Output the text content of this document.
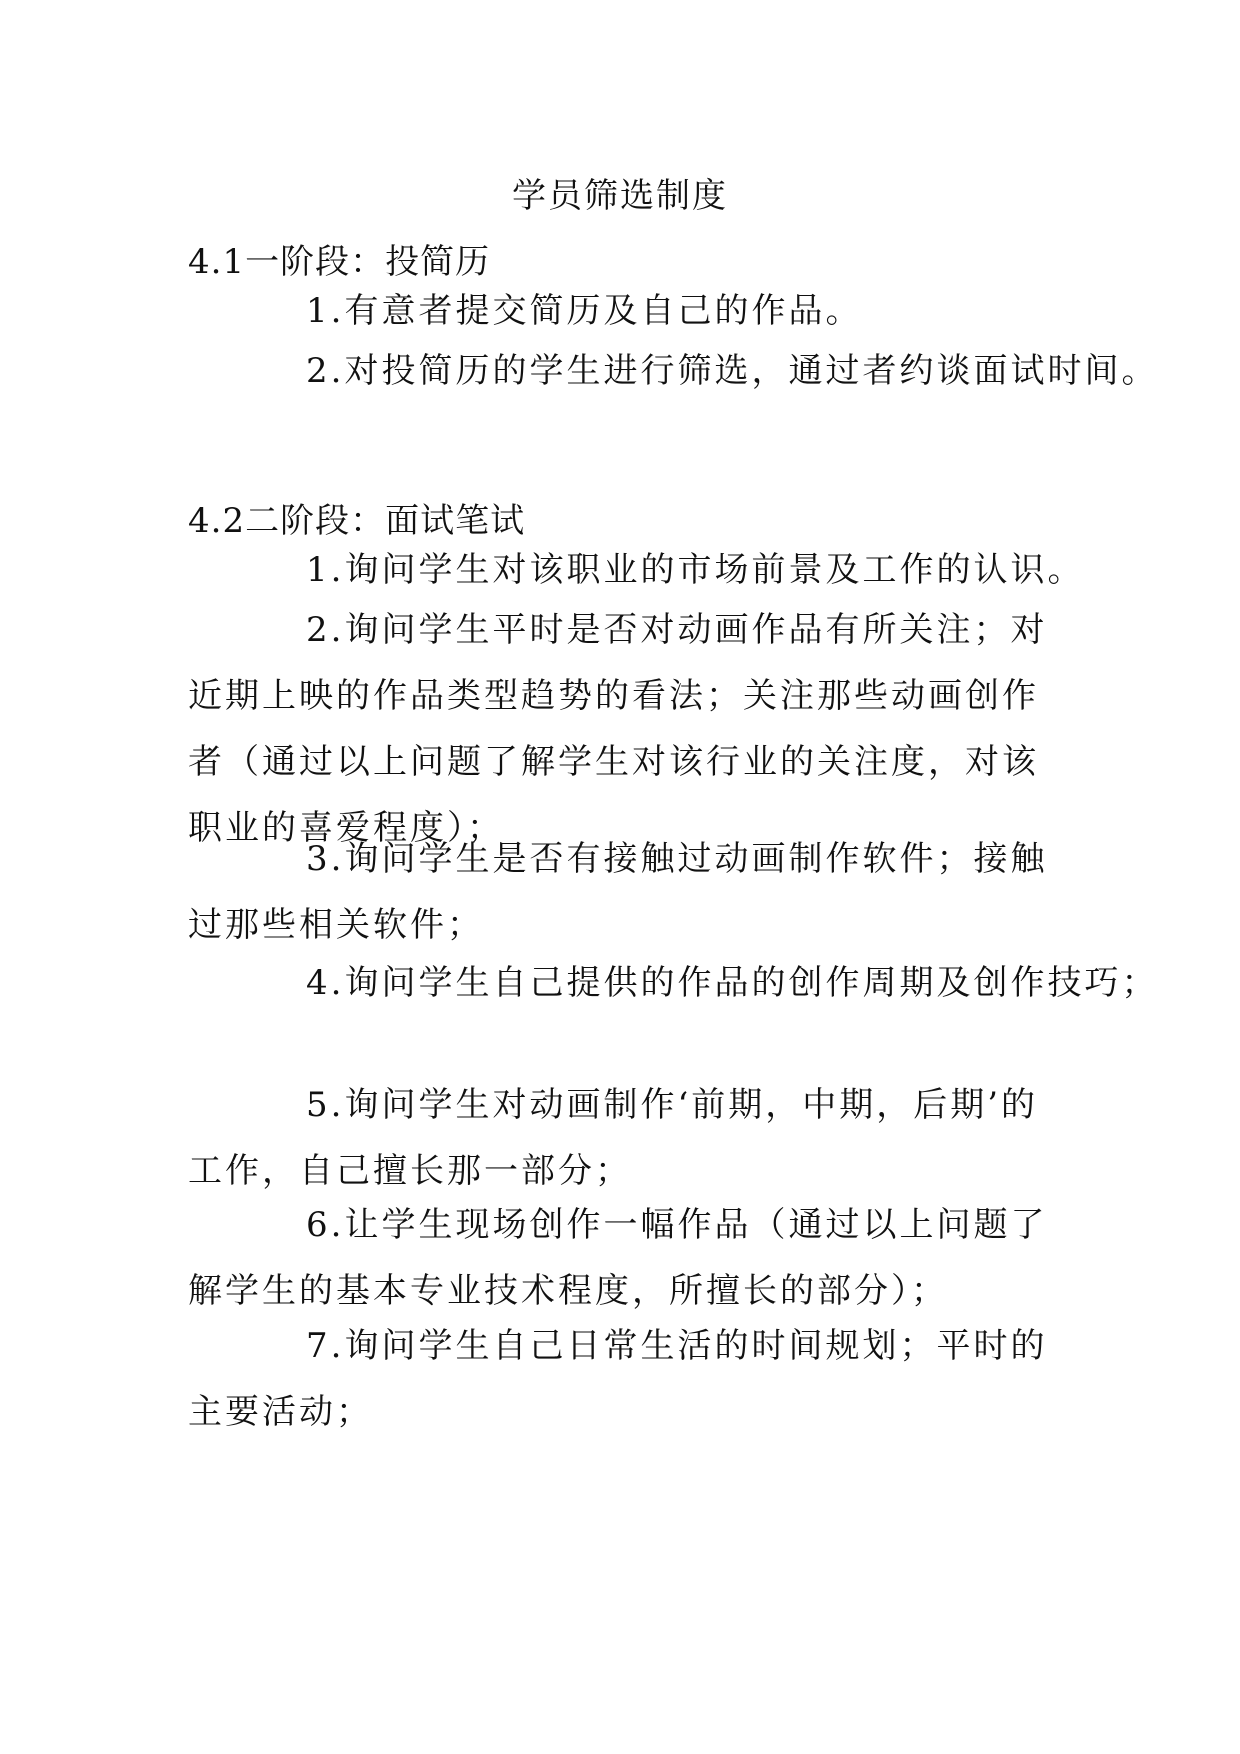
学员筛选制度
4.1一阶段：投简历
1.有意者提交简历及自己的作品。
2.对投简历的学生进行筛选，通过者约谈面试时间。
4.2二阶段：面试笔试
1.询问学生对该职业的市场前景及工作的认识。
2.询问学生平时是否对动画作品有所关注；对近期上映的作品类型趋势的看法；关注那些动画创作者（通过以上问题了解学生对该行业的关注度，对该职业的喜爱程度）；
3.询问学生是否有接触过动画制作软件；接触过那些相关软件；
4.询问学生自己提供的作品的创作周期及创作技巧；
5.询问学生对动画制作‘前期，中期，后期’的工作，自己擅长那一部分；
6.让学生现场创作一幅作品（通过以上问题了解学生的基本专业技术程度，所擅长的部分）；
7.询问学生自己日常生活的时间规划；平时的主要活动；
